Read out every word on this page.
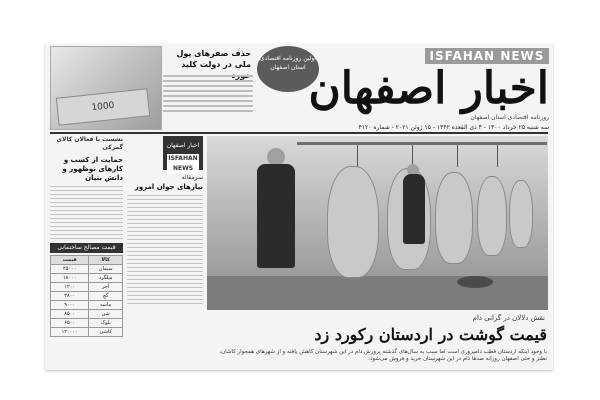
1000
حذف صفرهای پول ملی در دولت کلید
اولین روزنامه اقتصادی استان اصفهان
ISFAHAN NEWS
اخبار اصفهان
روزنامه اقتصادی استان اصفهان
سه شنبه ۲۵ خرداد ۱۴۰۰ - ۴ ذی القعده ۱۴۴۲ - ۱۵ ژوئن ۲۰۲۱ - شماره ۴۱۲۰
نشست با فعالان کالای گمرکی
حمایت از کسب و کارهای نوظهور و دانش بنیان
قیمت مصالح ساختمانی
کالا	قیمت
سیمان	۴۵۰۰۰
میلگرد	۱۸۰۰۰
آجر	۱۲۰۰
گچ	۳۸۰۰
ماسه	۹۰۰۰
شن	۸۵۰۰
بلوک	۶۵۰۰
کاشی	۱۲۰۰۰۰
اخبار اصفهان
ISFAHAN NEWS
سرمقاله
نیازهای جوان امروز
نقش دلالان در گرانی دام
قیمت گوشت در اردستان رکورد زد
با وجود اینکه اردستان قطب دامپروری است اما سبب به سال‌های گذشته پرورش دام در این شهرستان کاهش یافته و از شهرهای همجوار کاشان، نطنز و حتی اصفهان روزانه صدها دام در این شهرستان خرید و فروش می‌شود.
